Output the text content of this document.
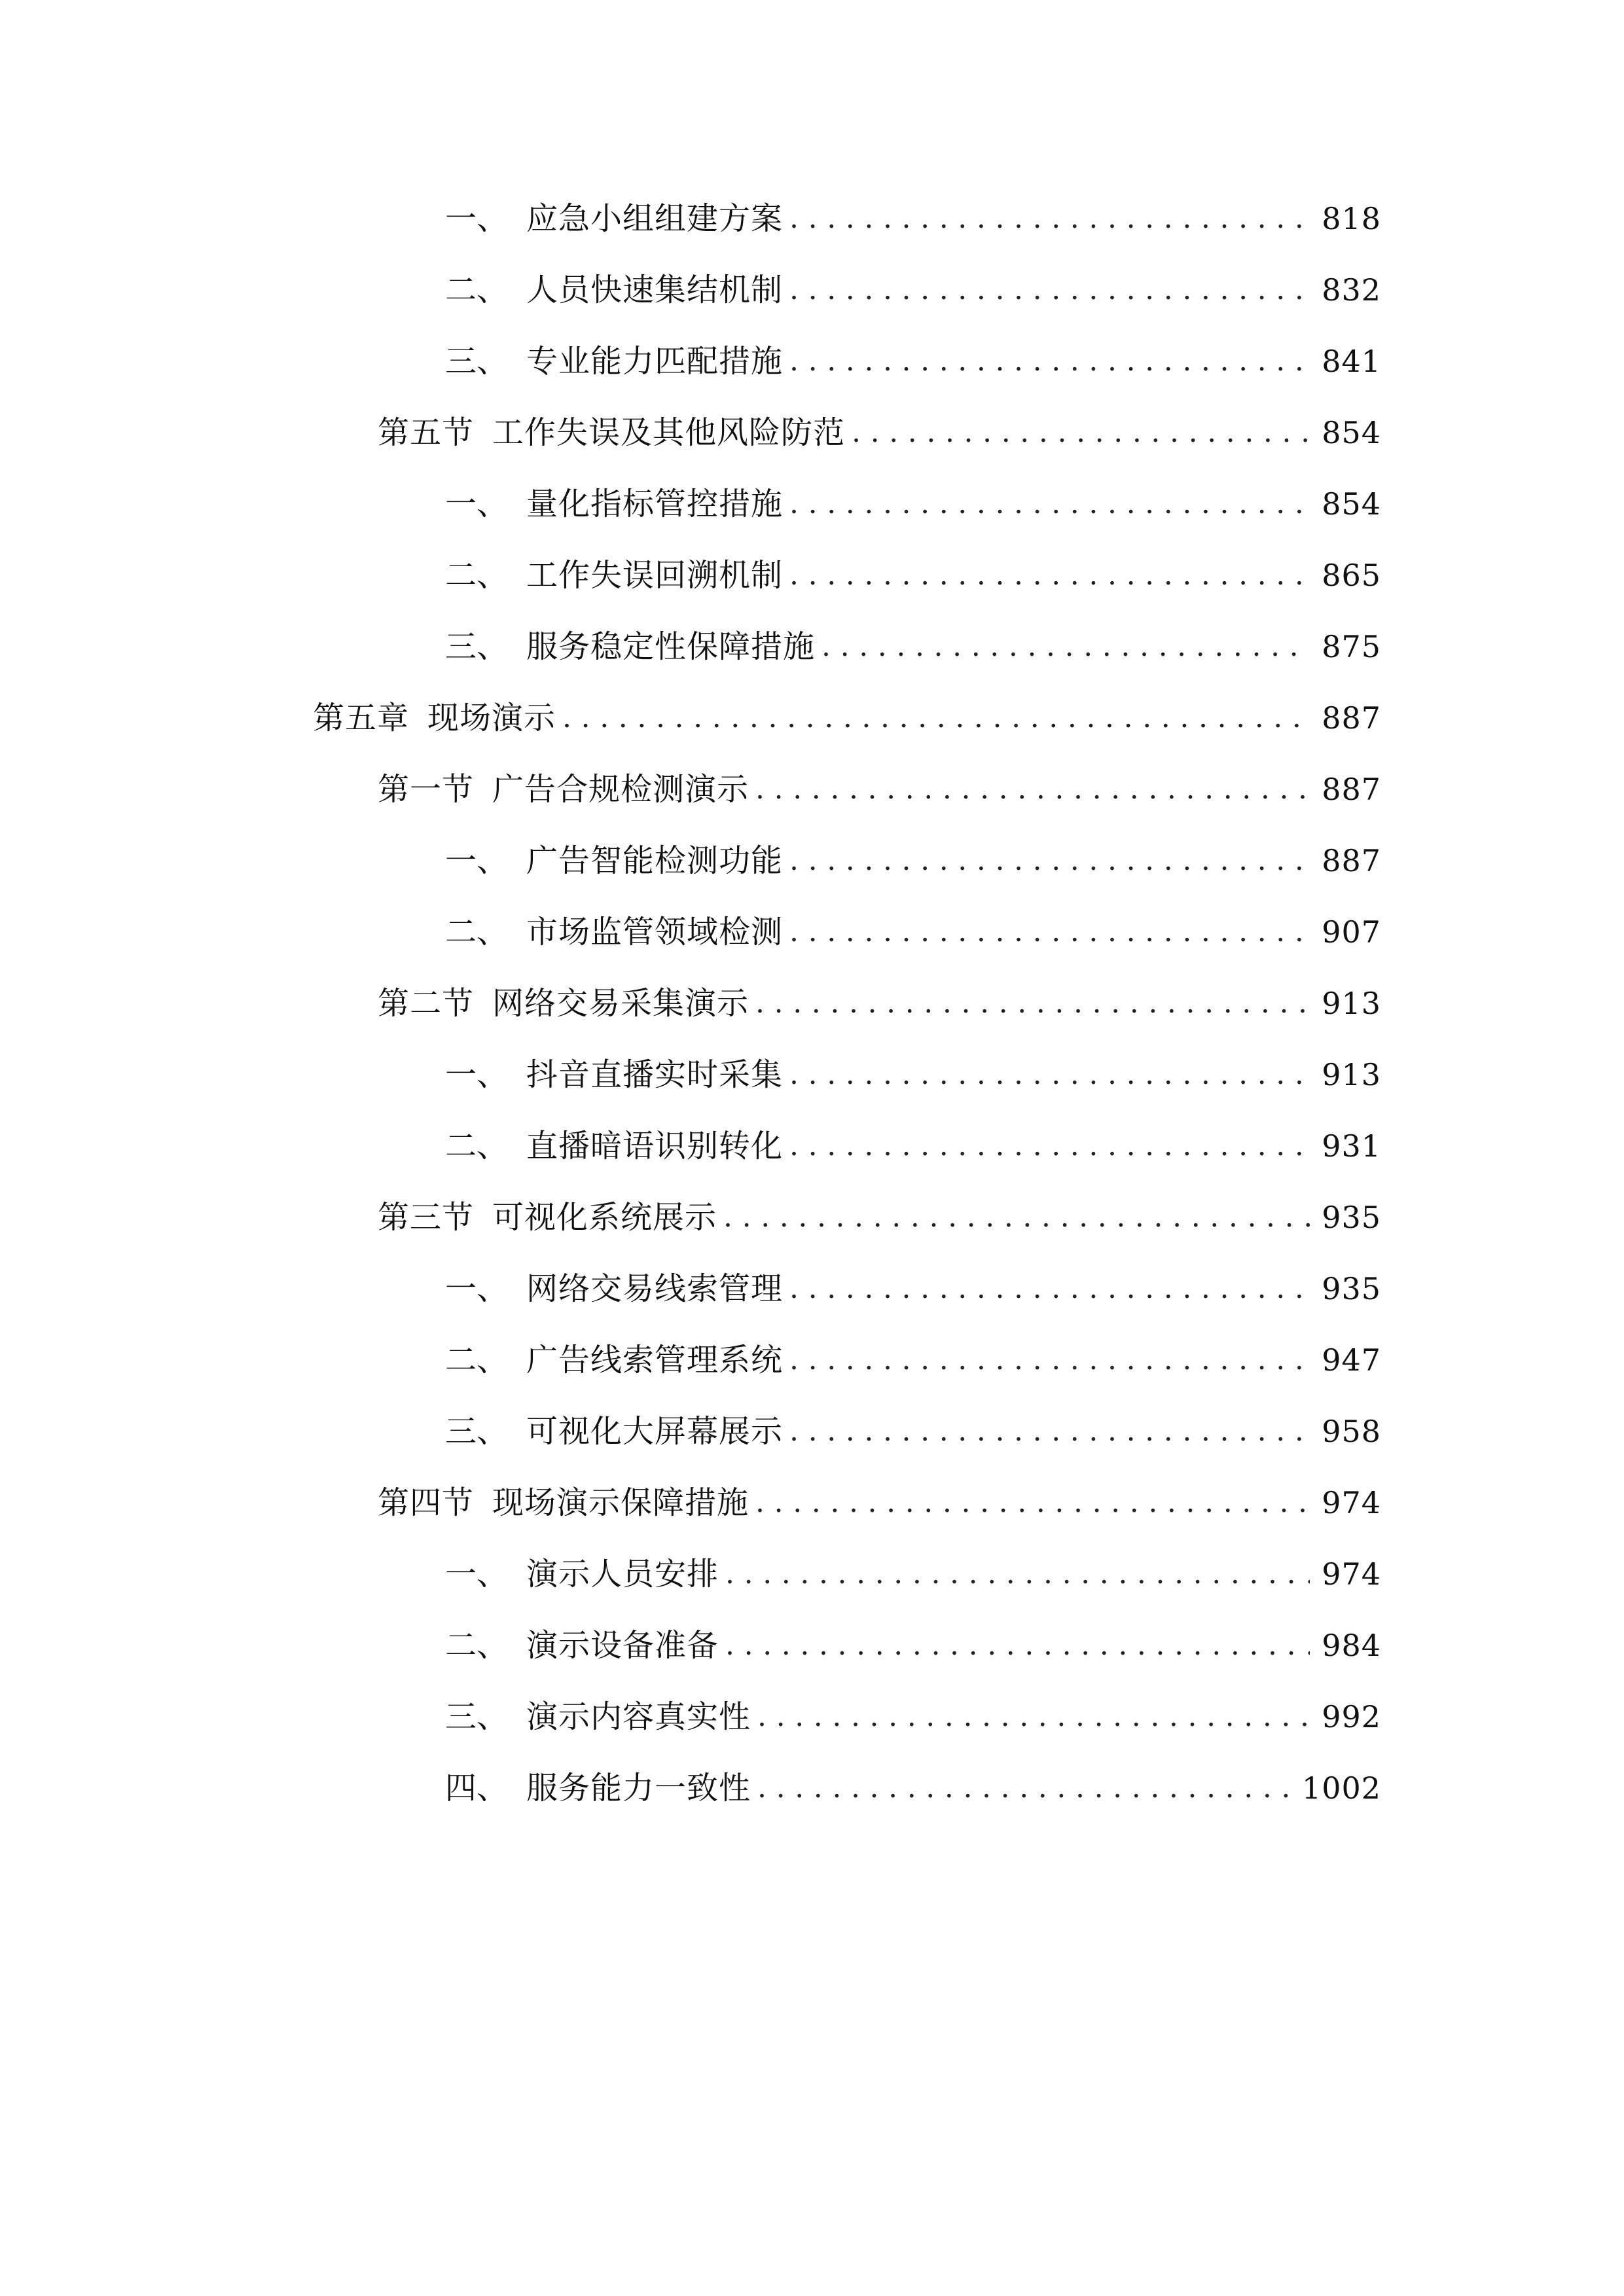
一、 应急小组组建方案 .....	818
二、 人员快速集结机制 .....	832
三、 专业能力匹配措施 .....	841
第五节 工作失误及其他风险防范 .....	854
一、 量化指标管控措施 .....	854
二、 工作失误回溯机制 .....	865
三、 服务稳定性保障措施 .....	875
第五章 现场演示 .....	887
第一节 广告合规检测演示 .....	887
一、 广告智能检测功能 .....	887
二、 市场监管领域检测 .....	907
第二节 网络交易采集演示 .....	913
一、 抖音直播实时采集 .....	913
二、 直播暗语识别转化 .....	931
第三节 可视化系统展示 .....	935
一、 网络交易线索管理 .....	935
二、 广告线索管理系统 .....	947
三、 可视化大屏幕展示 .....	958
第四节 现场演示保障措施 .....	974
一、 演示人员安排 .....	974
二、 演示设备准备 .....	984
三、 演示内容真实性 .....	992
四、 服务能力一致性 .....	1002
